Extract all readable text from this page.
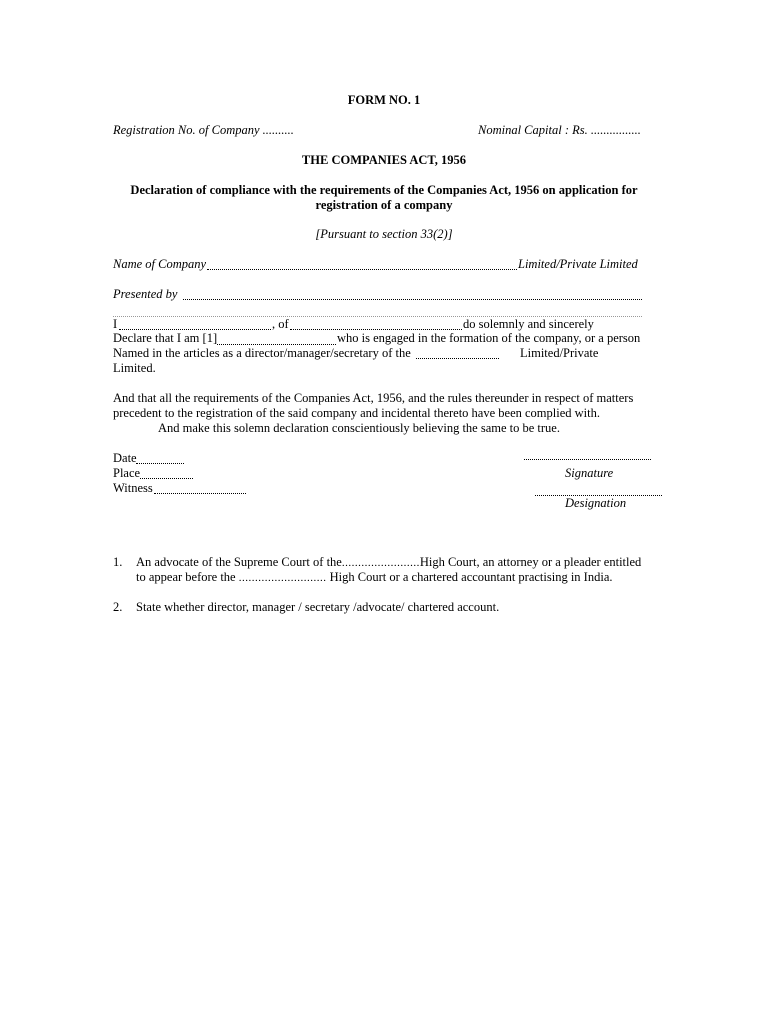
FORM NO. 1
Registration No. of Company ..........	Nominal Capital : Rs. ................
THE COMPANIES ACT, 1956
Declaration of compliance with the requirements of the Companies Act, 1956 on application for
registration of a company
[Pursuant to section 33(2)]
Name of Company	Limited/Private Limited
Presented by
I	, of	do solemnly and sincerely
Declare that I am [1]	who is engaged in the formation of the company, or a person
Named in the articles as a director/manager/secretary of the	Limited/Private
Limited.
And that all the requirements of the Companies Act, 1956, and the rules thereunder in respect of matters
precedent to the registration of the said company and incidental thereto have been complied with.
And make this solemn declaration conscientiously believing the same to be true.
Date
Place
Witness
Signature
Designation
1. An advocate of the Supreme Court of the........................High Court, an attorney or a pleader entitled
to appear before the ........................... High Court or a chartered accountant practising in India.
2. State whether director, manager / secretary /advocate/ chartered account.
